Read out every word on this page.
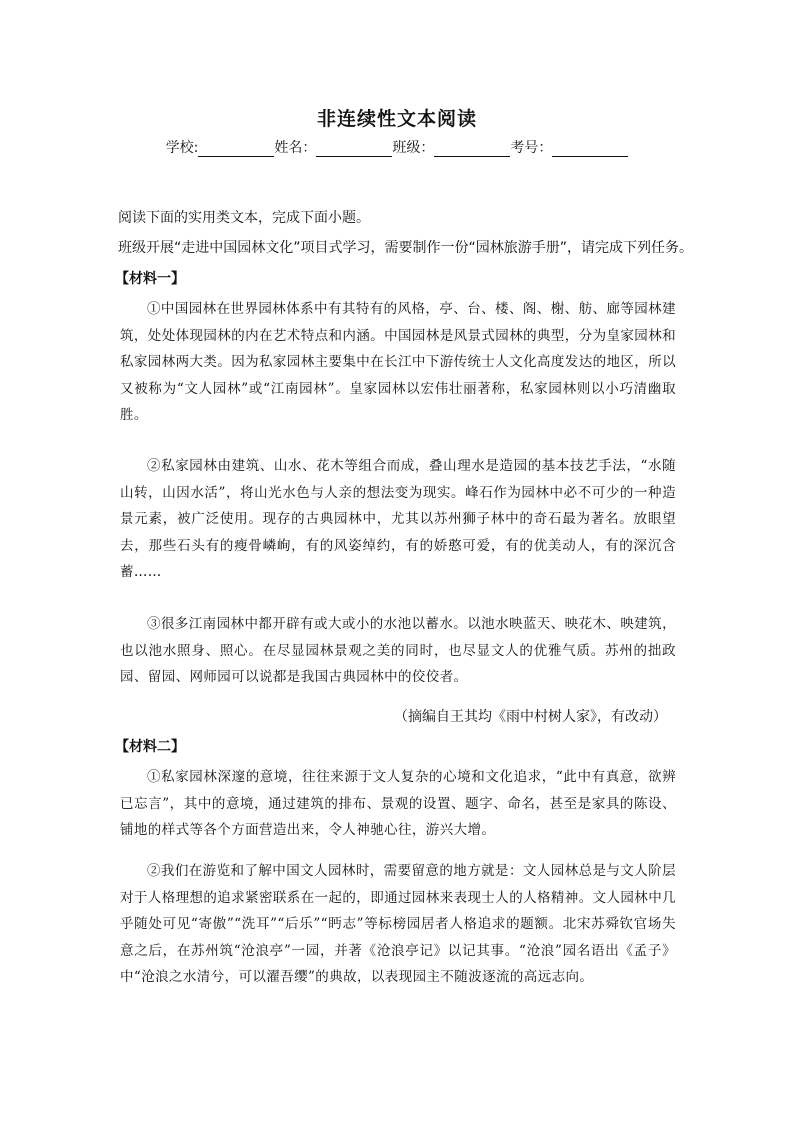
非连续性文本阅读
学校:	姓名：	班级：	考号：
阅读下面的实用类文本，完成下面小题。
班级开展“走进中国园林文化”项目式学习，需要制作一份“园林旅游手册”，请完成下列任务。
【材料一】
①中国园林在世界园林体系中有其特有的风格，亭、台、楼、阁、榭、舫、廊等园林建筑，处处体现园林的内在艺术特点和内涵。中国园林是风景式园林的典型，分为皇家园林和私家园林两大类。因为私家园林主要集中在长江中下游传统士人文化高度发达的地区，所以又被称为“文人园林”或“江南园林”。皇家园林以宏伟壮丽著称，私家园林则以小巧清幽取胜。
②私家园林由建筑、山水、花木等组合而成，叠山理水是造园的基本技艺手法，“水随山转，山因水活”，将山光水色与人亲的想法变为现实。峰石作为园林中必不可少的一种造景元素，被广泛使用。现存的古典园林中，尤其以苏州狮子林中的奇石最为著名。放眼望去，那些石头有的瘦骨嶙峋，有的风姿绰约，有的娇憨可爱，有的优美动人，有的深沉含蓄……
③很多江南园林中都开辟有或大或小的水池以蓄水。以池水映蓝天、映花木、映建筑，也以池水照身、照心。在尽显园林景观之美的同时，也尽显文人的优雅气质。苏州的拙政园、留园、网师园可以说都是我国古典园林中的佼佼者。
（摘编自王其均《雨中村树人家》，有改动）
【材料二】
①私家园林深邃的意境，往往来源于文人复杂的心境和文化追求，“此中有真意，欲辨已忘言”，其中的意境，通过建筑的排布、景观的设置、题字、命名，甚至是家具的陈设、铺地的样式等各个方面营造出来，令人神驰心往，游兴大增。
②我们在游览和了解中国文人园林时，需要留意的地方就是：文人园林总是与文人阶层对于人格理想的追求紧密联系在一起的，即通过园林来表现士人的人格精神。文人园林中几乎随处可见“寄傲”“洗耳”“后乐”“眄志”等标榜园居者人格追求的题额。北宋苏舜钦官场失意之后，在苏州筑“沧浪亭”一园，并著《沧浪亭记》以记其事。“沧浪”园名语出《孟子》中“沧浪之水清兮，可以濯吾缨”的典故，以表现园主不随波逐流的高远志向。
